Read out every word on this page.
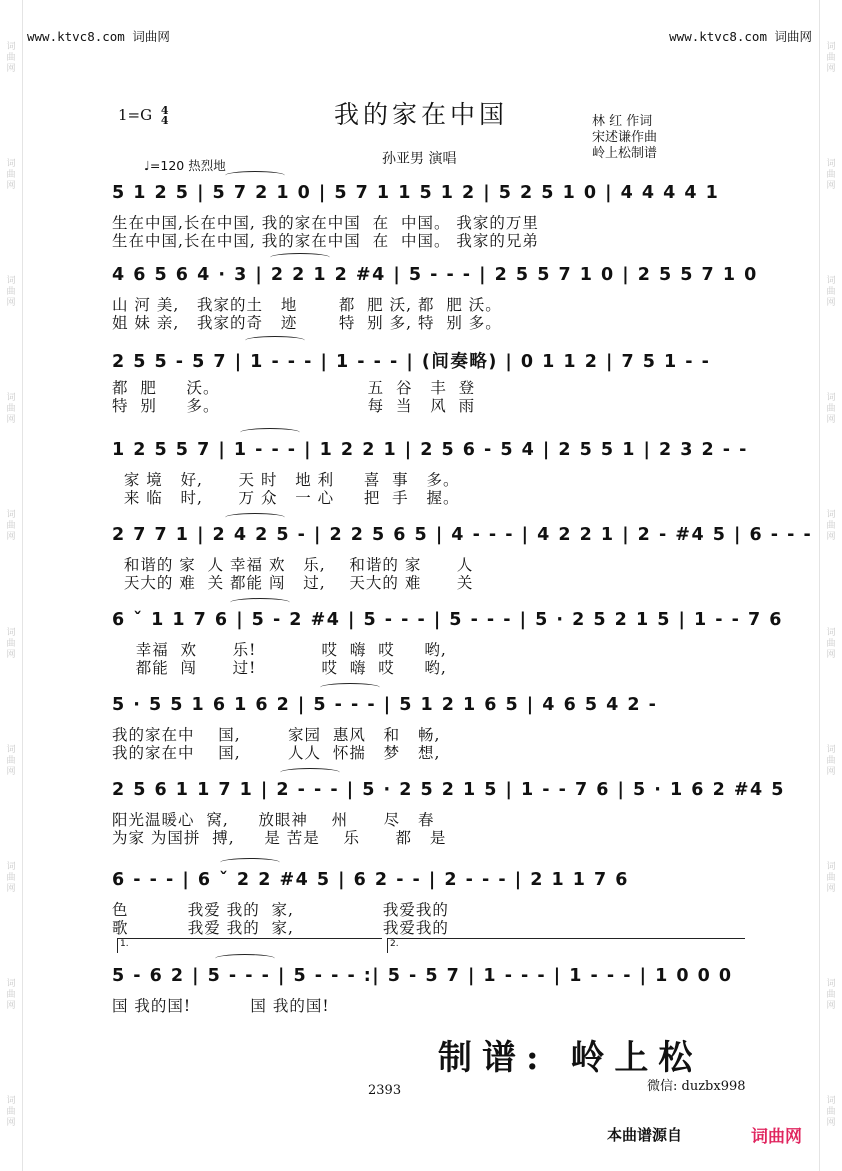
词
曲
网
词
曲
网
词
曲
网
词
曲
网
词
曲
网
词
曲
网
词
曲
网
词
曲
网
词
曲
网
词
曲
网
词
曲
网
词
曲
网
词
曲
网
词
曲
网
词
曲
网
词
曲
网
词
曲
网
词
曲
网
词
曲
网
词
曲
网
www.ktvc8.com 词曲网	www.ktvc8.com 词曲网
1=G 4
4	我的家在中国
♩=120 热烈地	孙亚男 演唱
林 红 作词
宋述谦作曲
岭上松制谱
5 1 2 5 | 5 7 2 1 0 | 5 7 1 1 5 1 2 | 5 2 5 1 0 | 4 4 4 4 1
生在中国,长在中国, 我的家在中国  在  中国。 我家的万里
生在中国,长在中国, 我的家在中国  在  中国。 我家的兄弟
4 6 5 6 4 · 3 | 2 2 1 2 #4 | 5 - - - | 2 5 5 7 1 0 | 2 5 5 7 1 0
山 河 美,   我家的土   地       都  肥 沃, 都  肥 沃。
姐 妹 亲,   我家的奇   迹       特  别 多, 特  别 多。
2 5 5 - 5 7 | 1 - - - | 1 - - - | (间奏略) | 0 1 1 2 | 7 5 1 - -
都  肥     沃。                         五  谷   丰  登
特  别     多。                         每  当   风  雨
1 2 5 5 7 | 1 - - - | 1 2 2 1 | 2 5 6 - 5 4 | 2 5 5 1 | 2 3 2 - -
家 境   好,      天 时   地 利     喜  事   多。
来 临   时,      万 众   一 心     把  手   握。
2 7 7 1 | 2 4 2 5 - | 2 2 5 6 5 | 4 - - - | 4 2 2 1 | 2 - #4 5 | 6 - - -
和谐的 家  人 幸福 欢   乐,    和谐的 家      人
天大的 难  关 都能 闯   过,    天大的 难      关
6 ˇ 1 1 7 6 | 5 - 2 #4 | 5 - - - | 5 - - - | 5 · 2 5 2 1 5 | 1 - - 7 6
幸福  欢      乐!           哎  嗨  哎     哟,
都能  闯      过!           哎  嗨  哎     哟,
5 · 5 5 1 6 1 6 2 | 5 - - - | 5 1 2 1 6 5 | 4 6 5 4 2 -
我的家在中    国,        家园  惠风   和   畅,
我的家在中    国,        人人  怀揣   梦   想,
2 5 6 1 1 7 1 | 2 - - - | 5 · 2 5 2 1 5 | 1 - - 7 6 | 5 · 1 6 2 #4 5
阳光温暖心  窝,     放眼神    州      尽   春
为家 为国拼  搏,     是 苦是    乐      都   是
6 - - - | 6 ˇ 2 2 #4 5 | 6 2 - - | 2 - - - | 2 1 1 7 6
色          我爱 我的  家,               我爱我的
歌          我爱 我的  家,               我爱我的
5 - 6 2 | 5 - - - | 5 - - - :| 5 - 5 7 | 1 - - - | 1 - - - | 1 0 0 0
国 我的国!          国 我的国!
1.	2.
制谱: 岭上松
微信: duzbx998
2393
本曲谱源自	词曲网
